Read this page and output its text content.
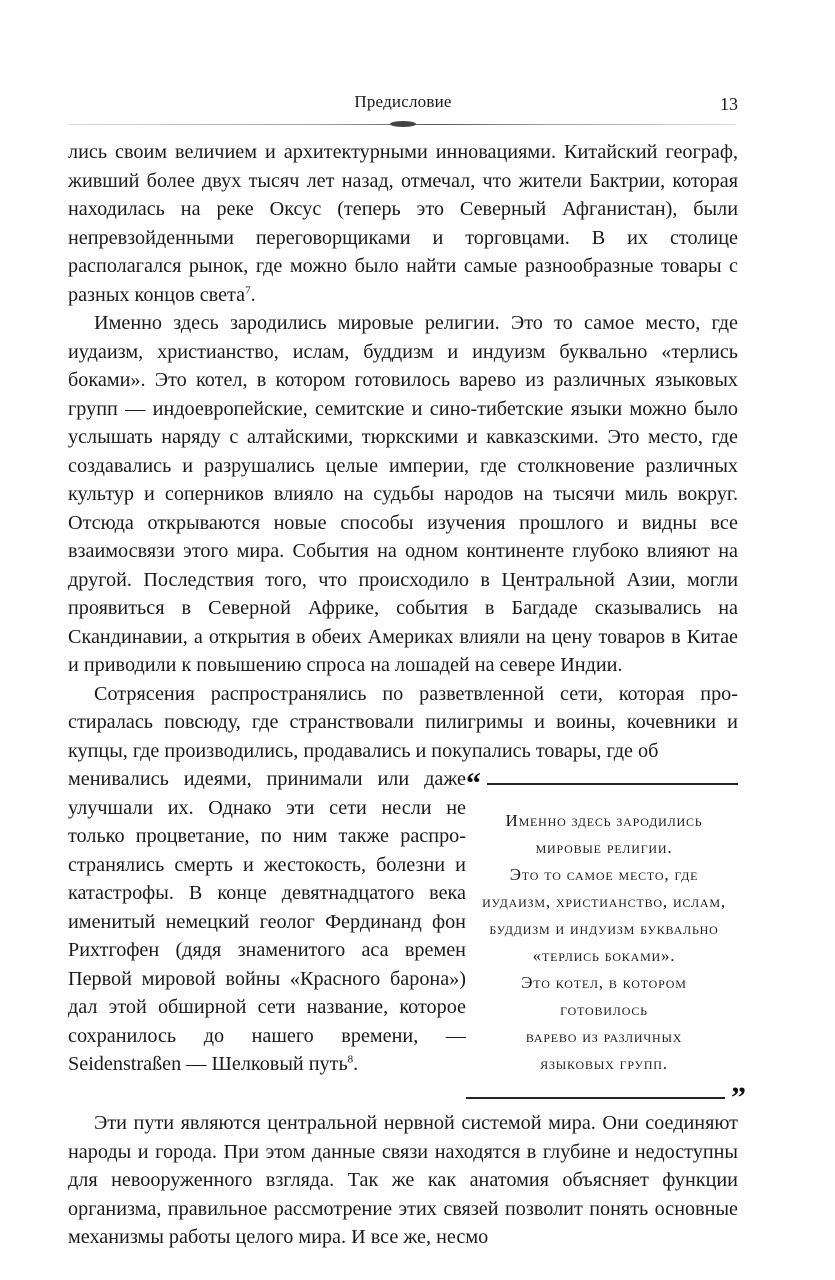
Предисловие	13

лись своим величием и архитектурными инновациями. Китайский географ, живший более двух тысяч лет назад, отмечал, что жители Бактрии, которая находилась на реке Оксус (теперь это Северный Афганистан), были непревзойденными переговорщиками и торговцами. В их столице располагался рынок, где можно было найти самые разнообразные товары с разных концов света$^7$.

Именно здесь зародились мировые религии. Это то самое место, где иудаизм, христианство, ислам, буддизм и индуизм буквально «терлись боками». Это котел, в котором готовилось варево из различных языковых групп — индоевропейские, семитские и сино-тибетские языки можно было услышать наряду с алтайскими, тюркскими и кавказскими. Это место, где создавались и разрушались целые империи, где столкновение различных культур и соперников влияло на судьбы народов на тысячи миль вокруг. Отсюда открываются новые способы изучения прошлого и видны все взаимосвязи этого мира. События на одном континенте глубоко влияют на другой. Последствия того, что происходило в Центральной Азии, могли проявиться в Северной Африке, события в Багдаде сказывались на Скандинавии, а открытия в обеих Америках влияли на цену товаров в Китае и приводили к повышению спроса на лошадей на севере Индии.

Сотрясения распространялись по разветвленной сети, которая простиралась повсюду, где странствовали пилигримы и воины, кочевники и купцы, где производились, продавались и покупались товары, где об

менивались идеями, принимали или даже улучшали их. Однако эти сети несли не только процветание, по ним также распространялись смерть и жестокость, болезни и катастрофы. В конце девятнадцатого века именитый немецкий геолог Фердинанд фон Рихтгофен (дядя знаменитого аса времен Первой мировой войны «Красного барона») дал этой обширной сети название, которое сохранилось до нашего времени, — Seidenstraßen — Шелковый путь$^8$.
“
Именно здесь зародились
мировые религии.
Это то самое место, где
иудаизм, христианство, ислам,
буддизм и индуизм буквально
«терлись боками».
Это котел, в котором готовилось
варево из различных
языковых групп.
”

Эти пути являются центральной нервной системой мира. Они соединяют народы и города. При этом данные связи находятся в глубине и недоступны для невооруженного взгляда. Так же как анатомия объясняет функции организма, правильное рассмотрение этих связей позволит понять основные механизмы работы целого мира. И все же, несмо
